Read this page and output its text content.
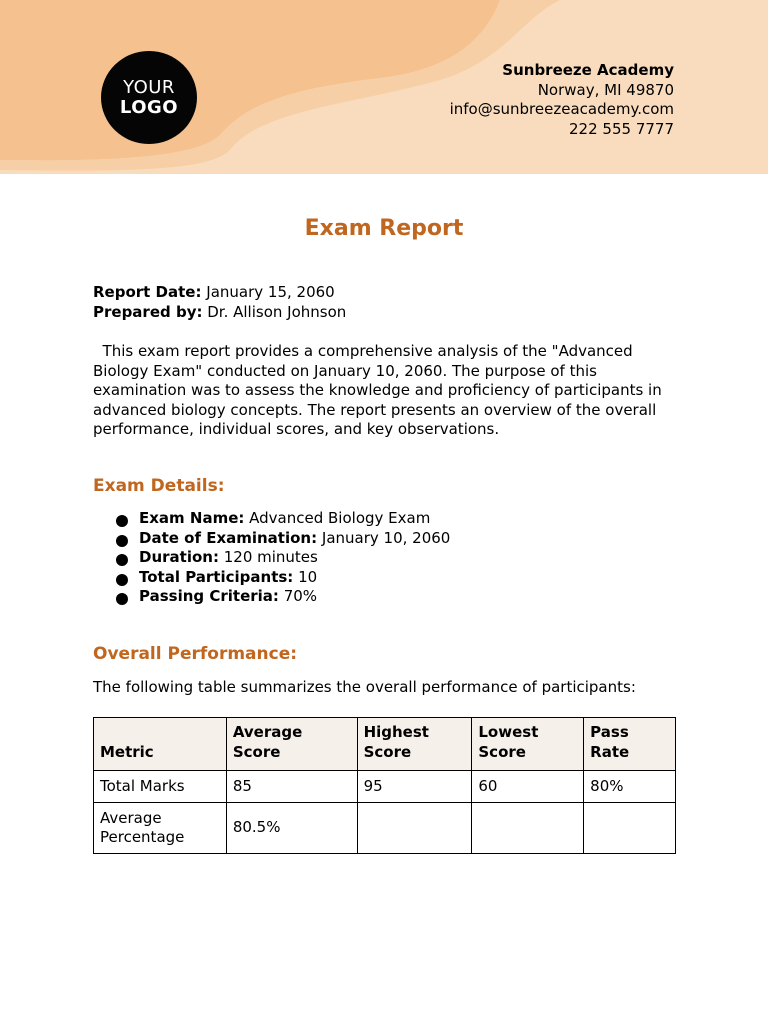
YOUR
LOGO
Sunbreeze Academy
Norway, MI 49870
info@sunbreezeacademy.com
222 555 7777
Exam Report
Report Date: January 15, 2060
Prepared by: Dr. Allison Johnson

This exam report provides a comprehensive analysis of the "Advanced Biology Exam" conducted on January 10, 2060. The purpose of this examination was to assess the knowledge and proficiency of participants in advanced biology concepts. The report presents an overview of the overall performance, individual scores, and key observations.

Exam Details:
Exam Name: Advanced Biology Exam
Date of Examination: January 10, 2060
Duration: 120 minutes
Total Participants: 10
Passing Criteria: 70%
Overall Performance:
The following table summarizes the overall performance of participants:
Metric	Average Score	Highest Score	Lowest Score	Pass Rate
Total Marks	85	95	60	80%
Average Percentage	80.5%			
